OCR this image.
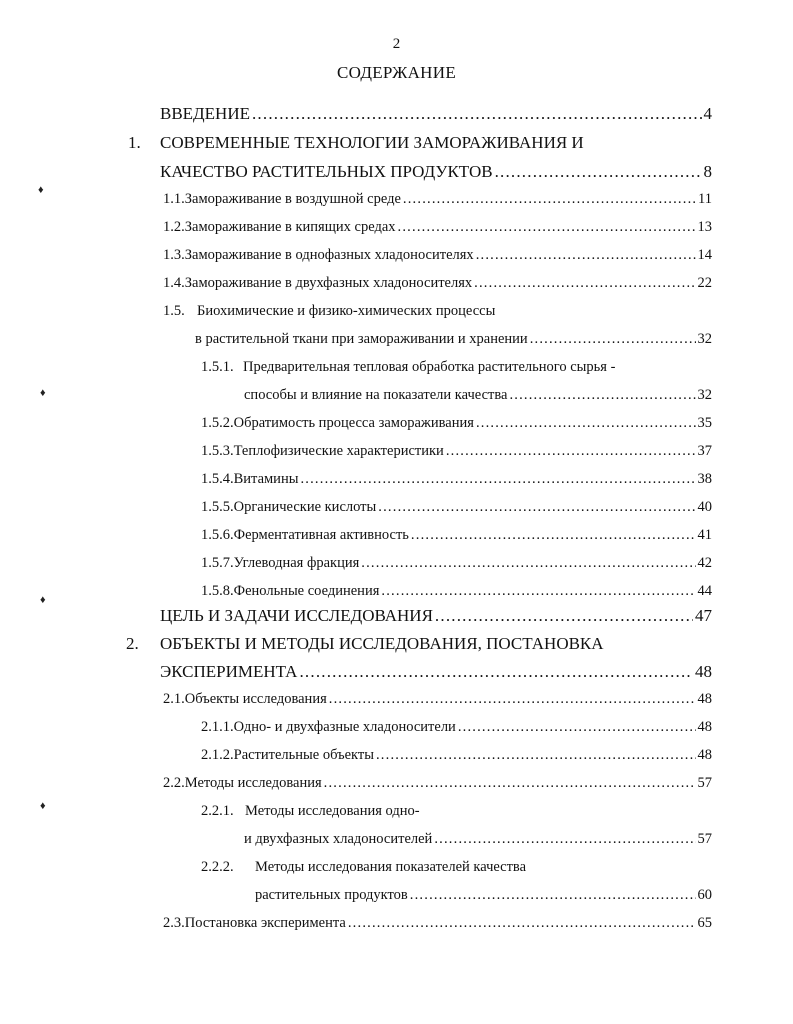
2
СОДЕРЖАНИЕ
ВВЕДЕНИЕ .....	4
1.	СОВРЕМЕННЫЕ ТЕХНОЛОГИИ ЗАМОРАЖИВАНИЯ И
КАЧЕСТВО РАСТИТЕЛЬНЫХ ПРОДУКТОВ .....	8
1.1. Замораживание в воздушной среде .....	11
1.2. Замораживание в кипящих средах .....	13
1.3. Замораживание в однофазных хладоносителях .....	14
1.4. Замораживание в двухфазных хладоносителях .....	22
1.5. Биохимические и физико-химических процессы
в растительной ткани при замораживании и хранении .....	32
1.5.1. Предварительная тепловая обработка растительного сырья -
способы и влияние на показатели качества .....	32
1.5.2. Обратимость процесса замораживания .....	35
1.5.3. Теплофизические характеристики .....	37
1.5.4. Витамины .....	38
1.5.5. Органические кислоты .....	40
1.5.6. Ферментативная активность .....	41
1.5.7. Углеводная фракция .....	42
1.5.8. Фенольные соединения .....	44
ЦЕЛЬ И ЗАДАЧИ ИССЛЕДОВАНИЯ .....	47
2.	ОБЪЕКТЫ И МЕТОДЫ ИССЛЕДОВАНИЯ, ПОСТАНОВКА
ЭКСПЕРИМЕНТА .....	48
2.1. Объекты исследования .....	48
2.1.1. Одно- и двухфазные хладоносители .....	48
2.1.2. Растительные объекты .....	48
2.2. Методы исследования .....	57
2.2.1. Методы исследования одно-
и двухфазных хладоносителей .....	57
2.2.2.	Методы исследования показателей качества
растительных продуктов .....	60
2.3. Постановка эксперимента .....	65
♦
♦
♦
♦
